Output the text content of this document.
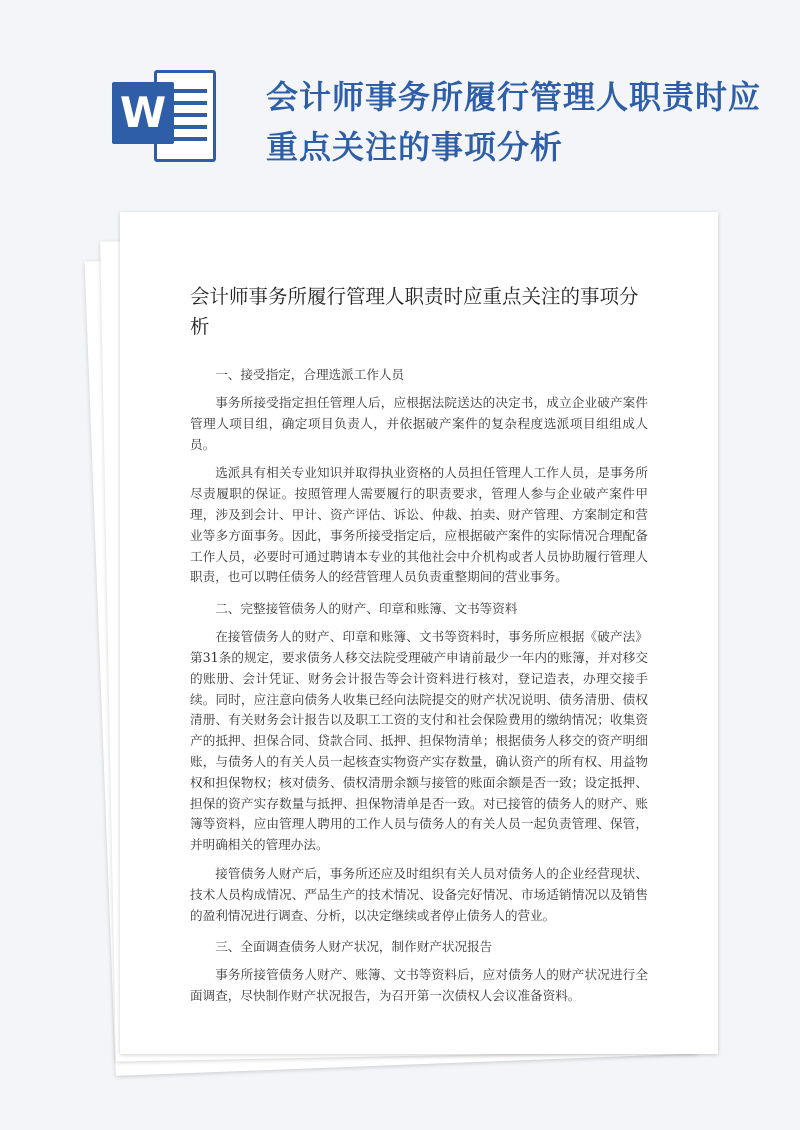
W	会计师事务所履行管理人职责时应重点关注的事项分析
会计师事务所履行管理人职责时应重点关注的事项分析

一、接受指定，合理选派工作人员

事务所接受指定担任管理人后，应根据法院送达的决定书，成立企业破产案件管理人项目组，确定项目负责人，并依据破产案件的复杂程度选派项目组组成人员。

选派具有相关专业知识并取得执业资格的人员担任管理人工作人员，是事务所尽责履职的保证。按照管理人需要履行的职责要求，管理人参与企业破产案件甲理，涉及到会计、甲计、资产评估、诉讼、仲裁、拍卖、财产管理、方案制定和营业等多方面事务。因此，事务所接受指定后，应根据破产案件的实际情况合理配备工作人员，必要时可通过聘请本专业的其他社会中介机构或者人员协助履行管理人职责，也可以聘任债务人的经营管理人员负责重整期间的营业事务。

二、完整接管债务人的财产、印章和账簿、文书等资料

在接管债务人的财产、印章和账簿、文书等资料时，事务所应根据《破产法》第31条的规定，要求债务人移交法院受理破产申请前最少一年内的账簿，并对移交的账册、会计凭证、财务会计报告等会计资料进行核对，登记造表，办理交接手续。同时，应注意向债务人收集已经向法院提交的财产状况说明、债务清册、债权清册、有关财务会计报告以及职工工资的支付和社会保险费用的缴纳情况；收集资产的抵押、担保合同、贷款合同、抵押、担保物清单；根据债务人移交的资产明细账，与债务人的有关人员一起核查实物资产实存数量，确认资产的所有权、用益物权和担保物权；核对债务、债权清册余额与接管的账面余额是否一致；设定抵押、担保的资产实存数量与抵押、担保物清单是否一致。对已接管的债务人的财产、账簿等资料，应由管理人聘用的工作人员与债务人的有关人员一起负责管理、保管，并明确相关的管理办法。

接管债务人财产后，事务所还应及时组织有关人员对债务人的企业经营现状、技术人员构成情况、严品生产的技术情况、设备完好情况、市场适销情况以及销售的盈利情况进行调查、分析，以决定继续或者停止债务人的营业。

三、全面调查债务人财产状况，制作财产状况报告

事务所接管债务人财产、账簿、文书等资料后，应对债务人的财产状况进行全面调查，尽快制作财产状况报告，为召开第一次债权人会议准备资料。
